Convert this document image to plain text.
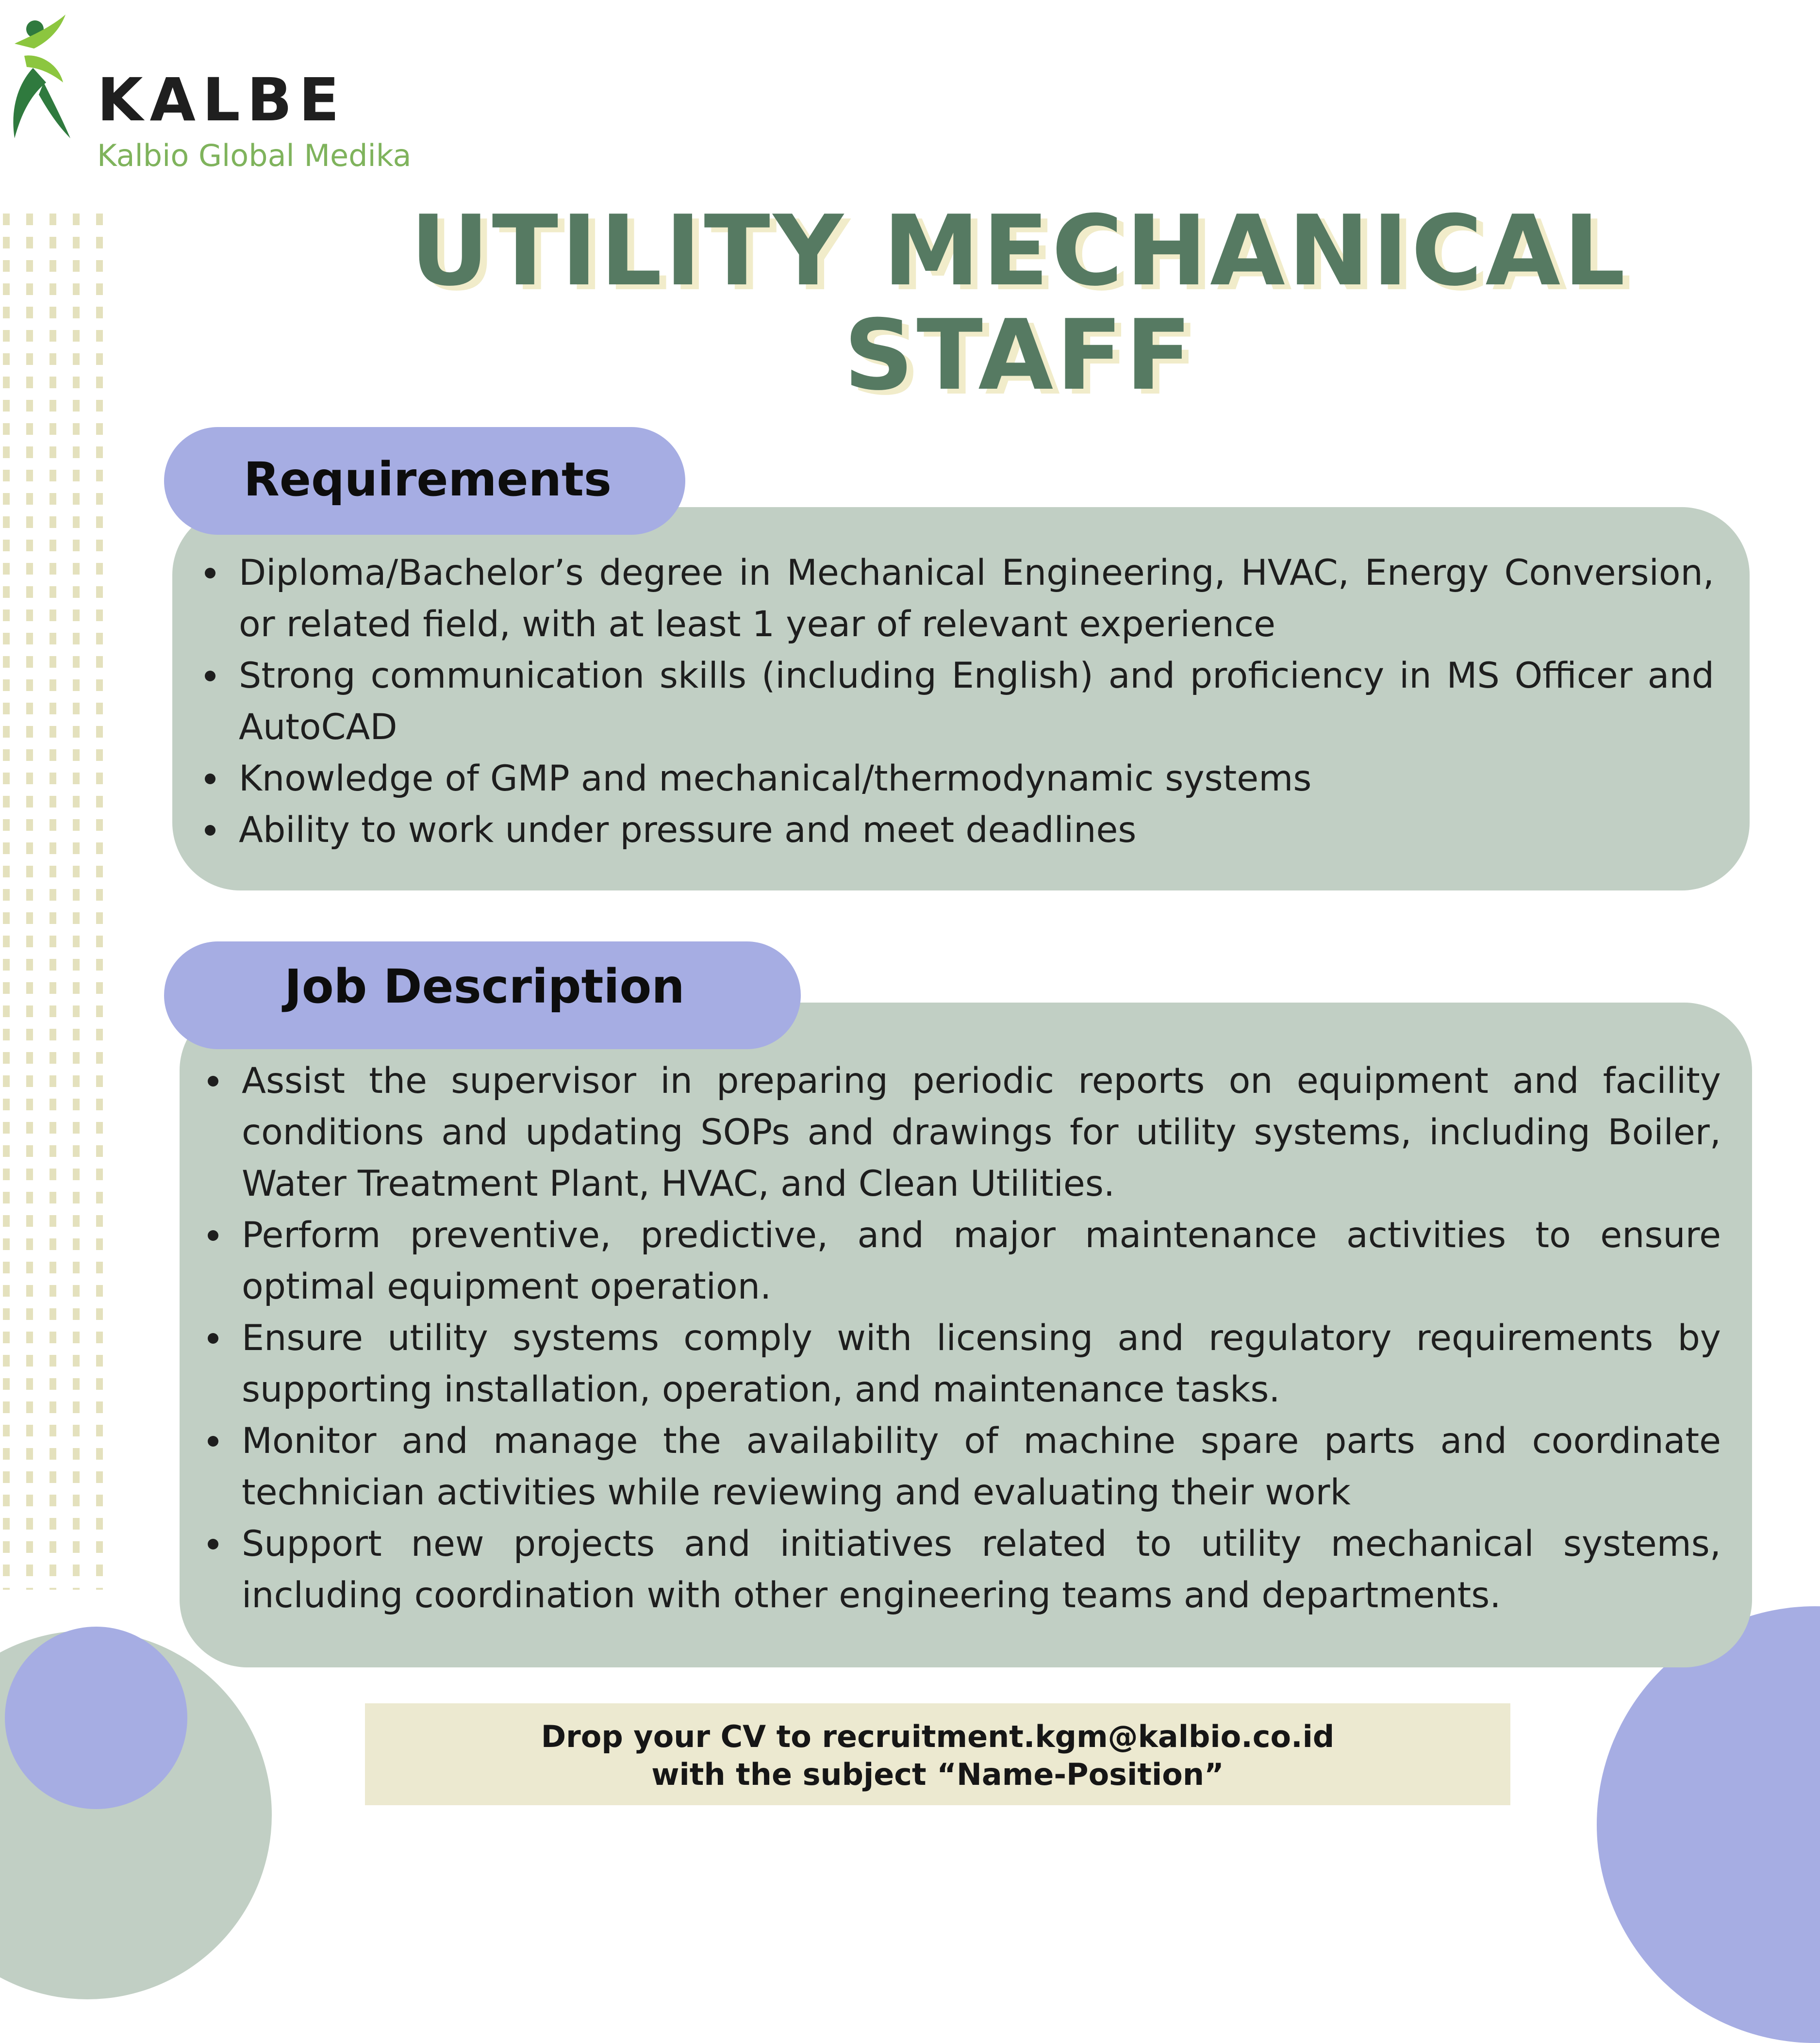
KALBE
Kalbio Global Medika
UTILITY MECHANICAL
STAFF
Requirements
Diploma/Bachelor’s degree in Mechanical Engineering, HVAC, Energy Conversion, or related field, with at least 1 year of relevant experience
Strong communication skills (including English) and proficiency in MS Officer and AutoCAD
Knowledge of GMP and mechanical/thermodynamic systems
Ability to work under pressure and meet deadlines
Job Description
Assist the supervisor in preparing periodic reports on equipment and facility conditions and updating SOPs and drawings for utility systems, including Boiler, Water Treatment Plant, HVAC, and Clean Utilities.
Perform preventive, predictive, and major maintenance activities to ensure optimal equipment operation.
Ensure utility systems comply with licensing and regulatory requirements by supporting installation, operation, and maintenance tasks.
Monitor and manage the availability of machine spare parts and coordinate technician activities while reviewing and evaluating their work
Support new projects and initiatives related to utility mechanical systems, including coordination with other engineering teams and departments.
Drop your CV to recruitment.kgm@kalbio.co.id
with the subject “Name-Position”
